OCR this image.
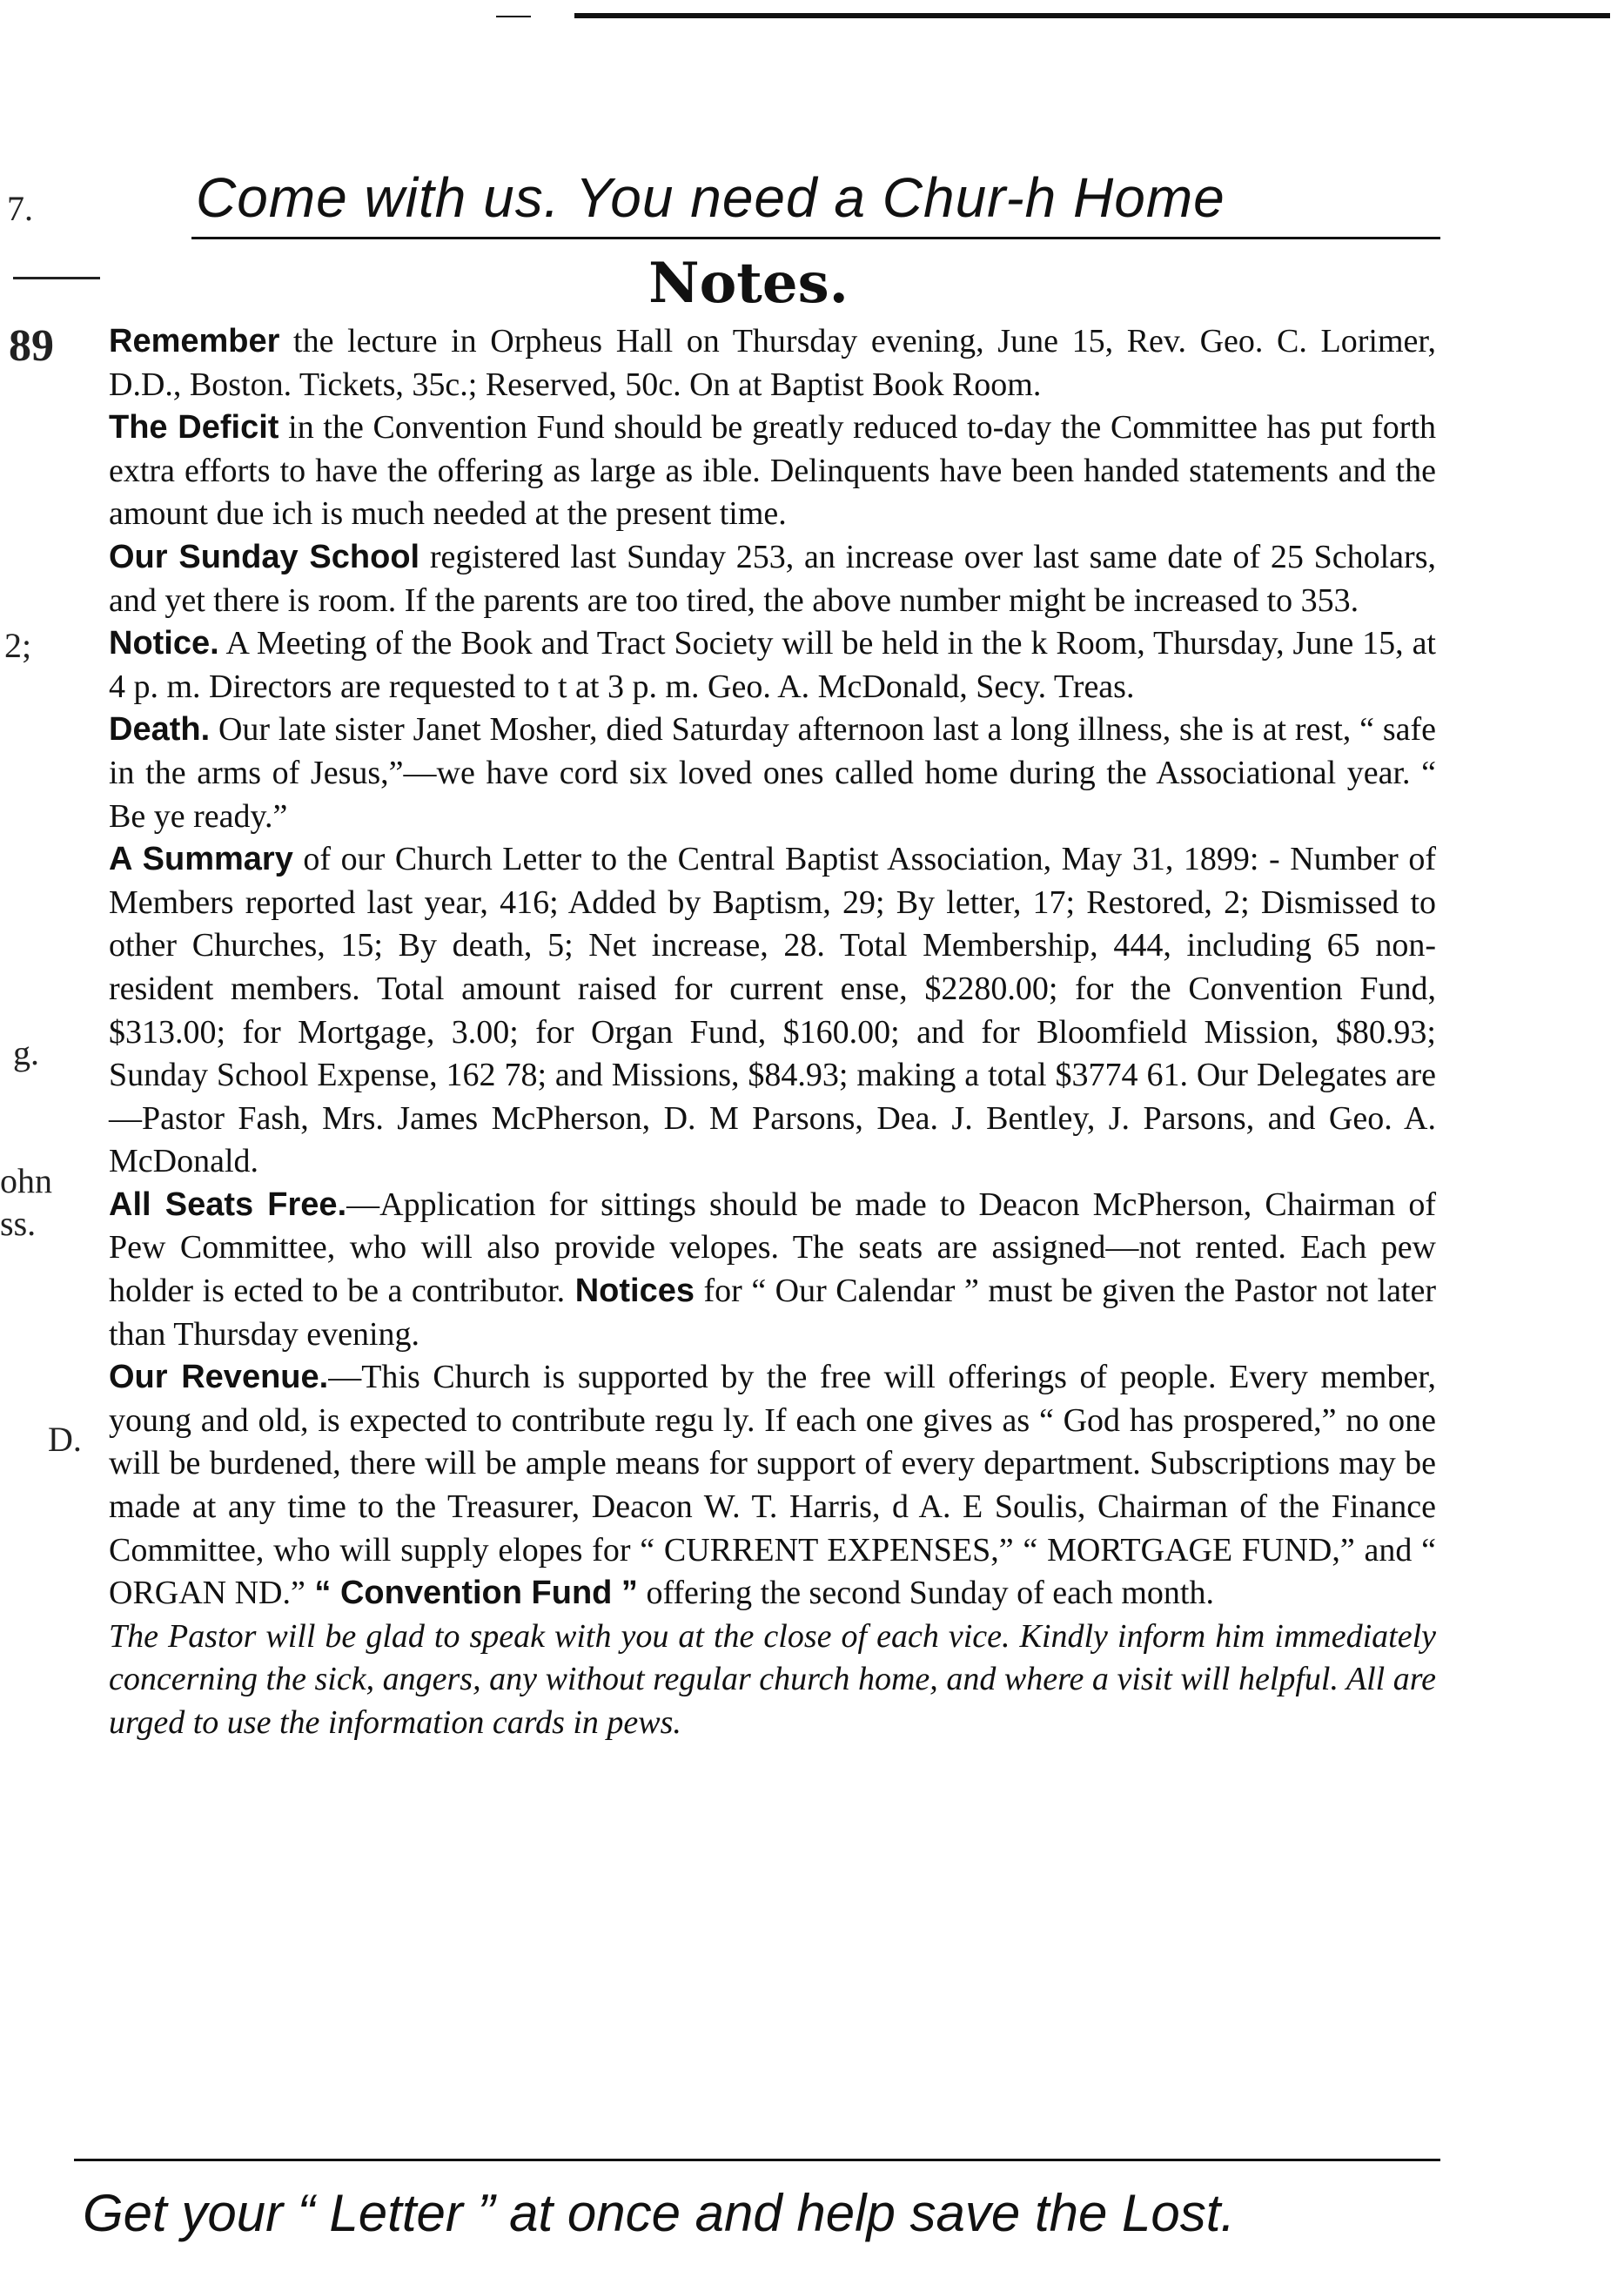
7.	Come with us. You need a Chur-h Home
Notes.
89
2;
g.
ohn
ss.
D.

Remember the lecture in Orpheus Hall on Thursday evening, June 15, Rev. Geo. C. Lorimer, D.D., Boston. Tickets, 35c.; Reserved, 50c. On at Baptist Book Room.

The Deficit in the Convention Fund should be greatly reduced to-day the Committee has put forth extra efforts to have the offering as large as ible. Delinquents have been handed statements and the amount due ich is much needed at the present time.

Our Sunday School registered last Sunday 253, an increase over last same date of 25 Scholars, and yet there is room. If the parents are too tired, the above number might be increased to 353.

Notice. A Meeting of the Book and Tract Society will be held in the k Room, Thursday, June 15, at 4 p. m. Directors are requested to t at 3 p. m. Geo. A. McDonald, Secy. Treas.

Death. Our late sister Janet Mosher, died Saturday afternoon last a long illness, she is at rest, “ safe in the arms of Jesus,”—we have cord six loved ones called home during the Associational year. “ Be ye ready.”

A Summary of our Church Letter to the Central Baptist Association, May 31, 1899: - Number of Members reported last year, 416; Added by Baptism, 29; By letter, 17; Restored, 2; Dismissed to other Churches, 15; By death, 5; Net increase, 28. Total Membership, 444, including 65 non-resident members. Total amount raised for current ense, $2280.00; for the Convention Fund, $313.00; for Mortgage, 3.00; for Organ Fund, $160.00; and for Bloomfield Mission, $80.93; Sunday School Expense, 162 78; and Missions, $84.93; making a total $3774 61. Our Delegates are—Pastor Fash, Mrs. James McPherson, D. M Parsons, Dea. J. Bentley, J. Parsons, and Geo. A. McDonald.

All Seats Free.—Application for sittings should be made to Deacon McPherson, Chairman of Pew Committee, who will also provide velopes. The seats are assigned—not rented. Each pew holder is ected to be a contributor. Notices for “ Our Calendar ” must be given the Pastor not later than Thursday evening.

Our Revenue.—This Church is supported by the free will offerings of people. Every member, young and old, is expected to contribute regu ly. If each one gives as “ God has prospered,” no one will be burdened, there will be ample means for support of every department. Subscriptions may be made at any time to the Treasurer, Deacon W. T. Harris, d A. E Soulis, Chairman of the Finance Committee, who will supply elopes for “ CURRENT EXPENSES,” “ MORTGAGE FUND,” and “ ORGAN ND.” “ Convention Fund ” offering the second Sunday of each month.

The Pastor will be glad to speak with you at the close of each vice. Kindly inform him immediately concerning the sick, angers, any without regular church home, and where a visit will helpful. All are urged to use the information cards in pews.

Get your “ Letter ” at once and help save the Lost.
